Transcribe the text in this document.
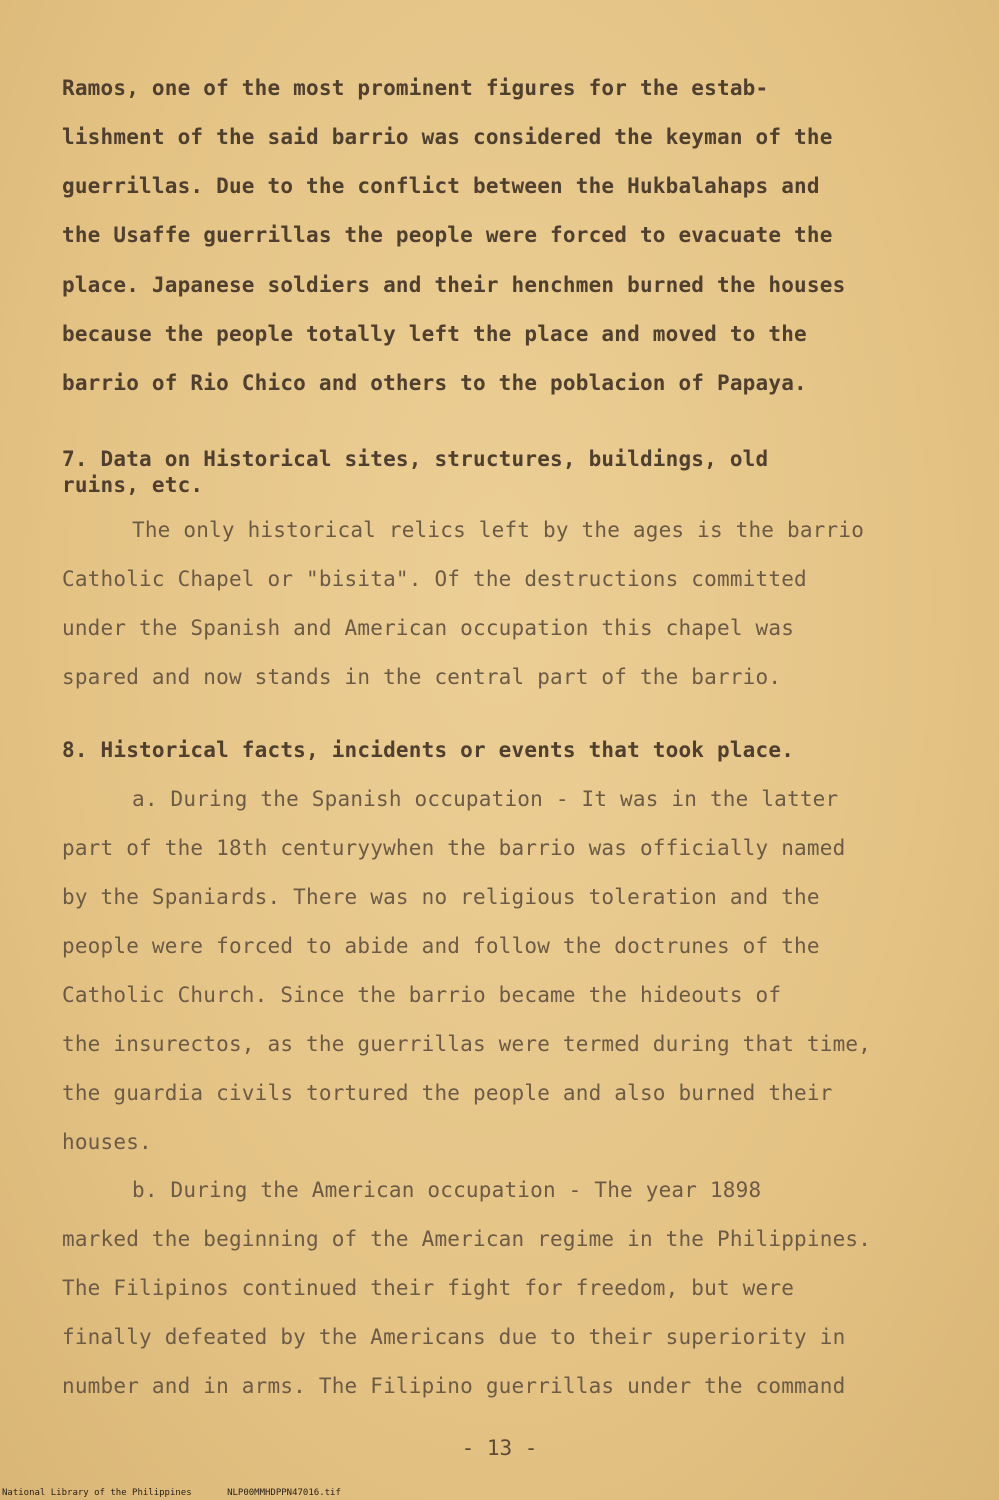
Ramos, one of the most prominent figures for the estab-
lishment of the said barrio was considered the keyman of the
guerrillas. Due to the conflict between the Hukbalahaps and
the Usaffe guerrillas the people were forced to evacuate the
place. Japanese soldiers and their henchmen burned the houses
because the people totally left the place and moved to the
barrio of Rio Chico and others to the poblacion of Papaya.
7. Data on Historical sites, structures, buildings, old
ruins, etc.
The only historical relics left by the ages is the barrio
Catholic Chapel or "bisita". Of the destructions committed
under the Spanish and American occupation this chapel was
spared and now stands in the central part of the barrio.
8. Historical facts, incidents or events that took place.
a. During the Spanish occupation - It was in the latter
part of the 18th centuryywhen the barrio was officially named
by the Spaniards. There was no religious toleration and the
people were forced to abide and follow the doctrunes of the
Catholic Church. Since the barrio became the hideouts of
the insurectos, as the guerrillas were termed during that time,
the guardia civils tortured the people and also burned their
houses.
b. During the American occupation - The year 1898
marked the beginning of the American regime in the Philippines.
The Filipinos continued their fight for freedom, but were
finally defeated by the Americans due to their superiority in
number and in arms. The Filipino guerrillas under the command
- 13 -
National Library of the Philippines	NLP00MMHDPPN47016.tif
